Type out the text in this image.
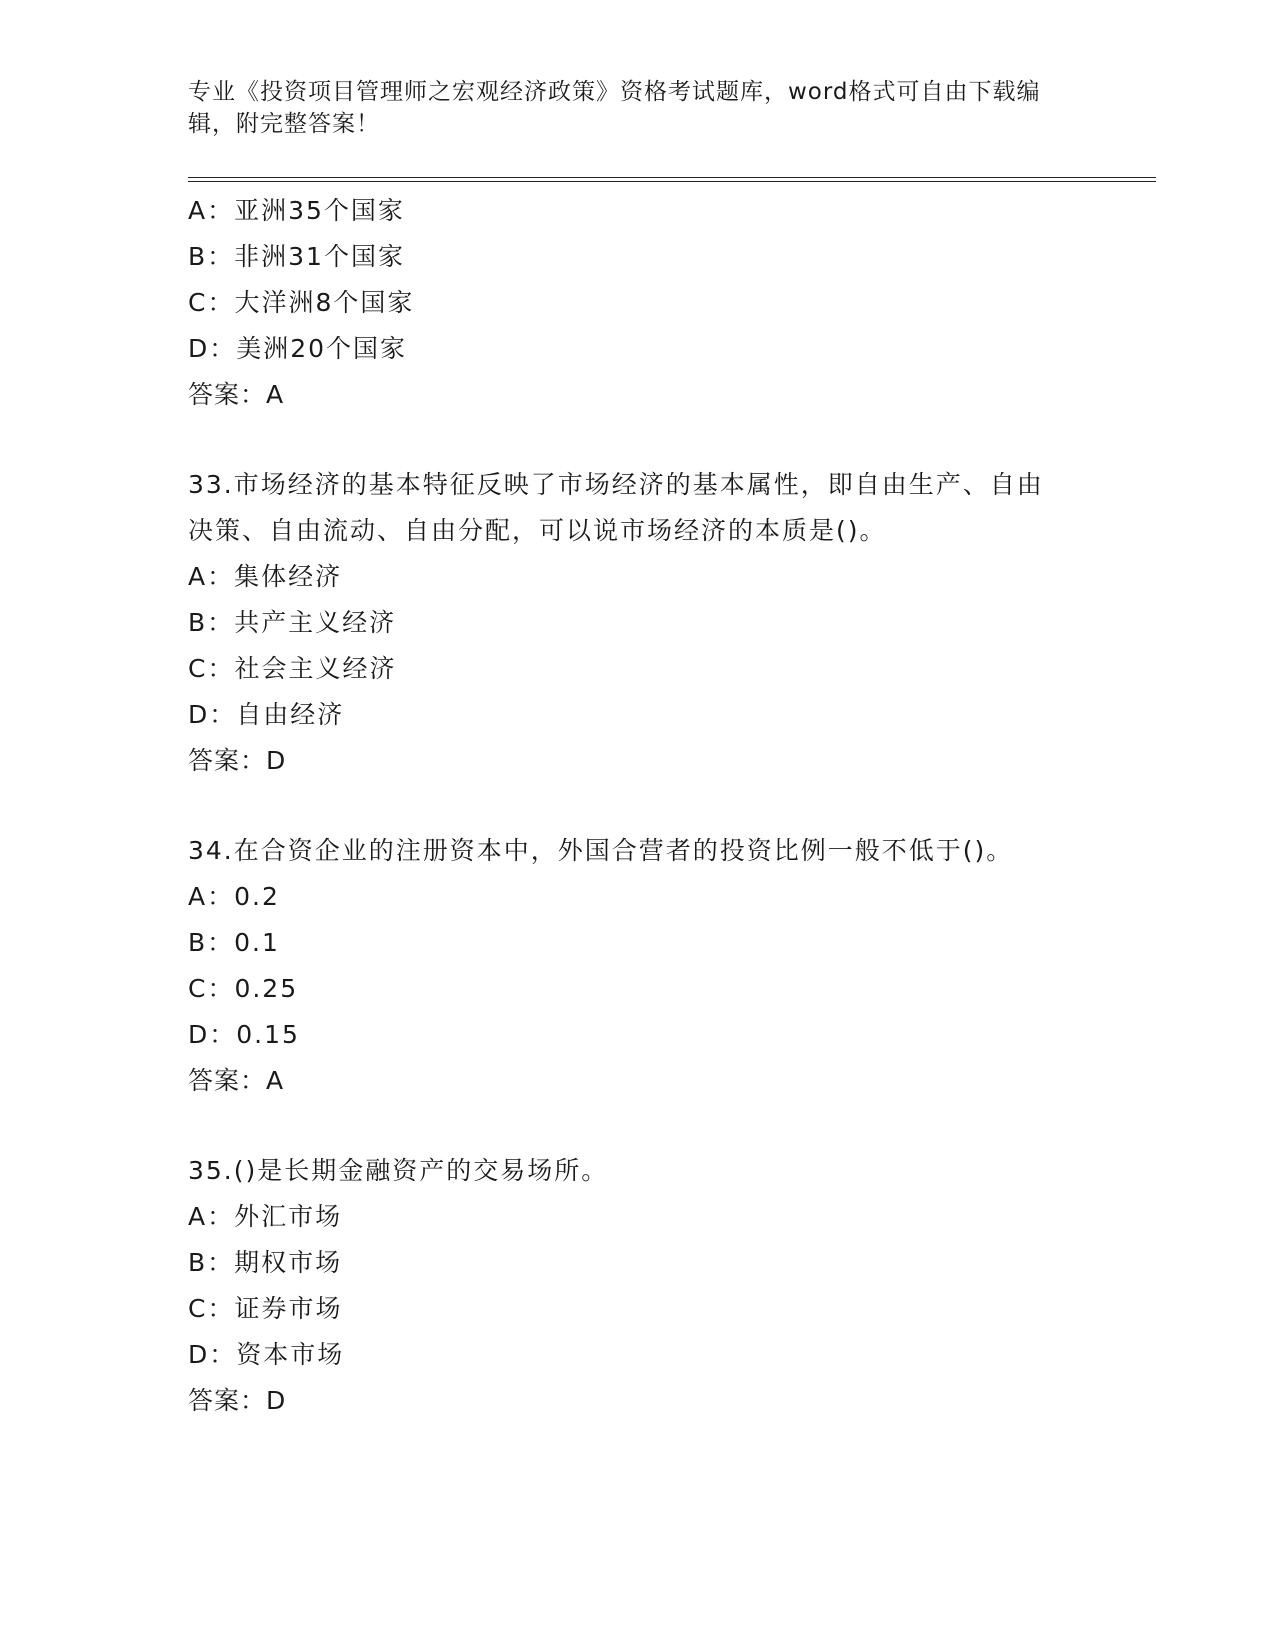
专业《投资项目管理师之宏观经济政策》资格考试题库，word格式可自由下载编辑，附完整答案！
A：亚洲35个国家
B：非洲31个国家
C：大洋洲8个国家
D：美洲20个国家
答案：A
33.市场经济的基本特征反映了市场经济的基本属性，即自由生产、自由决策、自由流动、自由分配，可以说市场经济的本质是()。
A：集体经济
B：共产主义经济
C：社会主义经济
D：自由经济
答案：D
34.在合资企业的注册资本中，外国合营者的投资比例一般不低于()。
A：0.2
B：0.1
C：0.25
D：0.15
答案：A
35.()是长期金融资产的交易场所。
A：外汇市场
B：期权市场
C：证券市场
D：资本市场
答案：D
